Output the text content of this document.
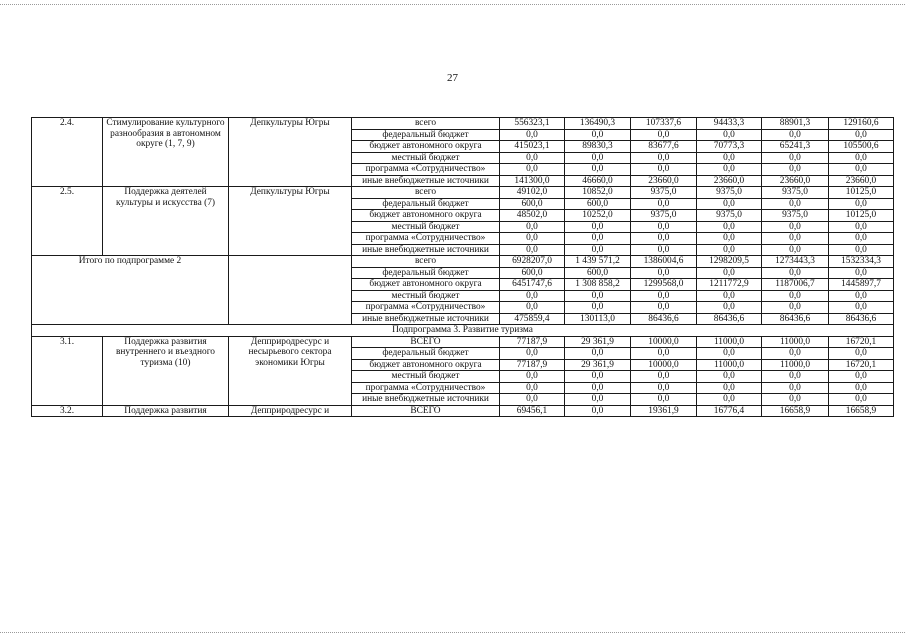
27
2.4.	Стимулирование культурного разнообразия в автономном округе (1, 7, 9)	Депкультуры Югры	всего	556323,1	136490,3	107337,6	94433,3	88901,3	129160,6
			федеральный бюджет	0,0	0,0	0,0	0,0	0,0	0,0
			бюджет автономного округа	415023,1	89830,3	83677,6	70773,3	65241,3	105500,6
			местный бюджет	0,0	0,0	0,0	0,0	0,0	0,0
			программа «Сотрудничество»	0,0	0,0	0,0	0,0	0,0	0,0
			иные внебюджетные источники	141300,0	46660,0	23660,0	23660,0	23660,0	23660,0
2.5.	Поддержка деятелей культуры и искусства (7)	Депкультуры Югры	всего	49102,0	10852,0	9375,0	9375,0	9375,0	10125,0
			федеральный бюджет	600,0	600,0	0,0	0,0	0,0	0,0
			бюджет автономного округа	48502,0	10252,0	9375,0	9375,0	9375,0	10125,0
			местный бюджет	0,0	0,0	0,0	0,0	0,0	0,0
			программа «Сотрудничество»	0,0	0,0	0,0	0,0	0,0	0,0
			иные внебюджетные источники	0,0	0,0	0,0	0,0	0,0	0,0
Итого по подпрограмме 2			всего	6928207,0	1 439 571,2	1386004,6	1298209,5	1273443,3	1532334,3
			федеральный бюджет	600,0	600,0	0,0	0,0	0,0	0,0
			бюджет автономного округа	6451747,6	1 308 858,2	1299568,0	1211772,9	1187006,7	1445897,7
			местный бюджет	0,0	0,0	0,0	0,0	0,0	0,0
			программа «Сотрудничество»	0,0	0,0	0,0	0,0	0,0	0,0
			иные внебюджетные источники	475859,4	130113,0	86436,6	86436,6	86436,6	86436,6
Подпрограмма 3. Развитие туризма									
3.1.	Поддержка развития внутреннего и въездного туризма (10)	Депприродресурс и несырьевого сектора экономики Югры	ВСЕГО	77187,9	29 361,9	10000,0	11000,0	11000,0	16720,1
			федеральный бюджет	0,0	0,0	0,0	0,0	0,0	0,0
			бюджет автономного округа	77187,9	29 361,9	10000,0	11000,0	11000,0	16720,1
			местный бюджет	0,0	0,0	0,0	0,0	0,0	0,0
			программа «Сотрудничество»	0,0	0,0	0,0	0,0	0,0	0,0
			иные внебюджетные источники	0,0	0,0	0,0	0,0	0,0	0,0
3.2.	Поддержка развития	Депприродресурс и	ВСЕГО	69456,1	0,0	19361,9	16776,4	16658,9	16658,9
